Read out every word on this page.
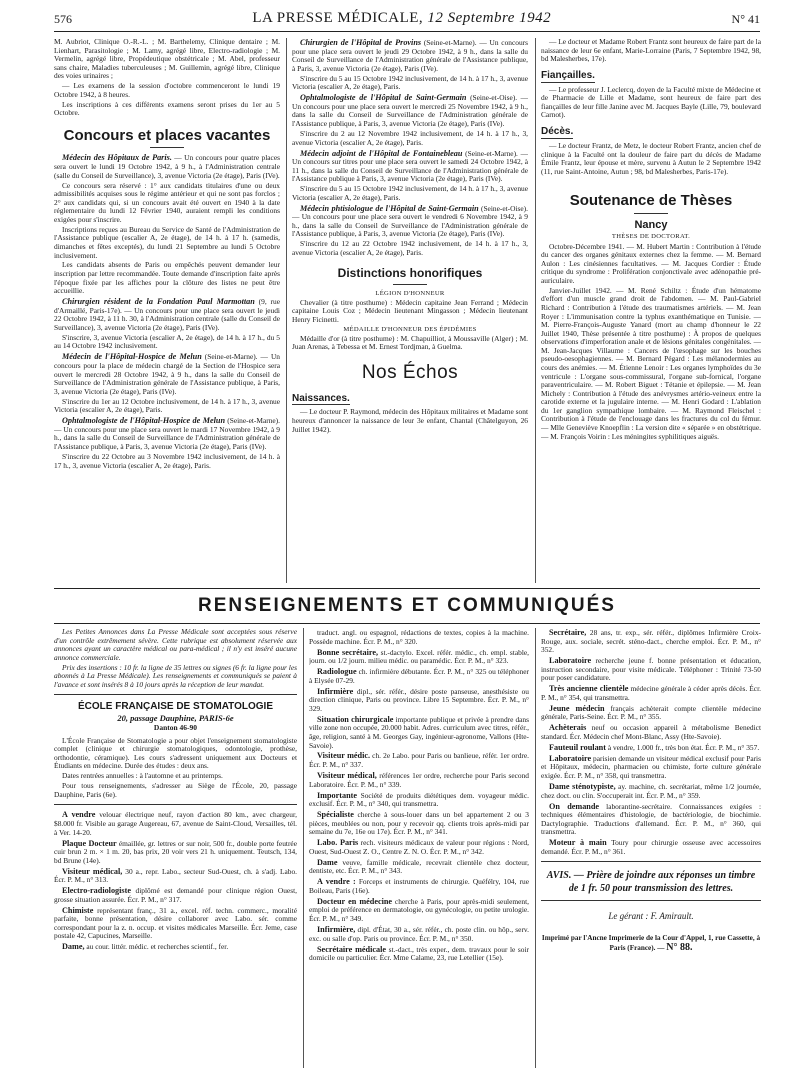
576	LA PRESSE MÉDICALE, 12 Septembre 1942	N° 41

M. Aubriot, Clinique O.-R.-L. ; M. Barthelemy, Clinique dentaire ; M. Lienhart, Parasitologie ; M. Lamy, agrégé libre, Electro-radiologie ; M. Vermelin, agrégé libre, Propédeutique obstétricale ; M. Abel, professeur sans chaire, Maladies tuberculeuses ; M. Guillemin, agrégé libre, Clinique des voies urinaires ;

— Les examens de la session d'octobre commenceront le lundi 19 Octobre 1942, à 8 heures.

Les inscriptions à ces différents examens seront prises du 1er au 5 Octobre.

Concours et places vacantes

Médecin des Hôpitaux de Paris. — Un concours pour quatre places sera ouvert le lundi 19 Octobre 1942, à 9 h., à l'Administration centrale (salle du Conseil de Surveillance), 3, avenue Victoria (2e étage), Paris (IVe).

Ce concours sera réservé : 1° aux candidats titulaires d'une ou deux admissibilités acquises sous le régime antérieur et qui ne sont pas forclos ; 2° aux candidats qui, si un concours avait été ouvert en 1940 à la date réglementaire du lundi 12 Février 1940, auraient rempli les conditions exigées pour s'inscrire.

Inscriptions reçues au Bureau du Service de Santé de l'Administration de l'Assistance publique (escalier A, 2e étage), de 14 h. à 17 h. (samedis, dimanches et fêtes exceptés), du lundi 21 Septembre au lundi 5 Octobre inclusivement.

Les candidats absents de Paris ou empêchés peuvent demander leur inscription par lettre recommandée. Toute demande d'inscription faite après l'époque fixée par les affiches pour la clôture des listes ne peut être accueillie.

Chirurgien résident de la Fondation Paul Marmottan (9, rue d'Armaillé, Paris-17e). — Un concours pour une place sera ouvert le jeudi 22 Octobre 1942, à 11 h. 30, à l'Administration centrale (salle du Conseil de Surveillance), 3, avenue Victoria (2e étage), Paris (IVe).

S'inscrire, 3, avenue Victoria (escalier A, 2e étage), de 14 h. à 17 h., du 5 au 14 Octobre 1942 inclusivement.

Médecin de l'Hôpital-Hospice de Melun (Seine-et-Marne). — Un concours pour la place de médecin chargé de la Section de l'Hospice sera ouvert le mercredi 28 Octobre 1942, à 9 h., dans la salle du Conseil de Surveillance de l'Administration générale de l'Assistance publique, à Paris, 3, avenue Victoria (2e étage), Paris (IVe).

S'inscrire du 1er au 12 Octobre inclusivement, de 14 h. à 17 h., 3, avenue Victoria (escalier A, 2e étage), Paris.

Ophtalmologiste de l'Hôpital-Hospice de Melun (Seine-et-Marne). — Un concours pour une place sera ouvert le mardi 17 Novembre 1942, à 9 h., dans la salle du Conseil de Surveillance de l'Administration générale de l'Assistance publique, à Paris, 3, avenue Victoria (2e étage), Paris (IVe).

S'inscrire du 22 Octobre au 3 Novembre 1942 inclusivement, de 14 h. à 17 h., 3, avenue Victoria (escalier A, 2e étage), Paris.

Chirurgien de l'Hôpital de Provins (Seine-et-Marne). — Un concours pour une place sera ouvert le jeudi 29 Octobre 1942, à 9 h., dans la salle du Conseil de Surveillance de l'Administration générale de l'Assistance publique, à Paris, 3, avenue Victoria (2e étage), Paris (IVe).

S'inscrire du 5 au 15 Octobre 1942 inclusivement, de 14 h. à 17 h., 3, avenue Victoria (escalier A, 2e étage), Paris.

Ophtalmologiste de l'Hôpital de Saint-Germain (Seine-et-Oise). — Un concours pour une place sera ouvert le mercredi 25 Novembre 1942, à 9 h., dans la salle du Conseil de Surveillance de l'Administration générale de l'Assistance publique, à Paris, 3, avenue Victoria (2e étage), Paris (IVe).

S'inscrire du 2 au 12 Novembre 1942 inclusivement, de 14 h. à 17 h., 3, avenue Victoria (escalier A, 2e étage), Paris.

Médecin adjoint de l'Hôpital de Fontainebleau (Seine-et-Marne). — Un concours sur titres pour une place sera ouvert le samedi 24 Octobre 1942, à 11 h., dans la salle du Conseil de Surveillance de l'Administration générale de l'Assistance publique à Paris, 3, avenue Victoria (2e étage), Paris (IVe).

S'inscrire du 5 au 15 Octobre 1942 inclusivement, de 14 h. à 17 h., 3, avenue Victoria (escalier A, 2e étage), Paris.

Médecin phtisiologue de l'Hôpital de Saint-Germain (Seine-et-Oise). — Un concours pour une place sera ouvert le vendredi 6 Novembre 1942, à 9 h., dans la salle du Conseil de Surveillance de l'Administration générale de l'Assistance publique, à Paris, 3, avenue Victoria (2e étage), Paris (IVe).

S'inscrire du 12 au 22 Octobre 1942 inclusivement, de 14 h. à 17 h., 3, avenue Victoria (escalier A, 2e étage), Paris.

Distinctions honorifiques

LÉGION D'HONNEUR

Chevalier (à titre posthume) : Médecin capitaine Jean Ferrand ; Médecin capitaine Louis Coz ; Médecin lieutenant Mingasson ; Médecin lieutenant Henry Ficinetti.

MÉDAILLE D'HONNEUR DES ÉPIDÉMIES

Médaille d'or (à titre posthume) : M. Chapuilliot, à Moussaville (Alger) ; M. Juan Arenas, à Tebessa et M. Ernest Tordjman, à Guelma.

Nos Échos
Naissances.

— Le docteur P. Raymond, médecin des Hôpitaux militaires et Madame sont heureux d'annoncer la naissance de leur 3e enfant, Chantal (Châtelguyon, 26 Juillet 1942).

— Le docteur et Madame Robert Frantz sont heureux de faire part de la naissance de leur 6e enfant, Marie-Lorraine (Paris, 7 Septembre 1942, 98, bd Malesherbes, 17e).

Fiançailles.

— Le professeur J. Leclercq, doyen de la Faculté mixte de Médecine et de Pharmacie de Lille et Madame, sont heureux de faire part des fiançailles de leur fille Janine avec M. Jacques Bayle (Lille, 79, boulevard Carnot).

Décès.

— Le docteur Frantz, de Metz, le docteur Robert Frantz, ancien chef de clinique à la Faculté ont la douleur de faire part du décès de Madame Émile Frantz, leur épouse et mère, survenu à Autun le 2 Septembre 1942 (11, rue Saint-Antoine, Autun ; 98, bd Malesherbes, Paris-17e).

Soutenance de Thèses
Nancy

THÈSES DE DOCTORAT.

Octobre-Décembre 1941. — M. Hubert Martin : Contribution à l'étude du cancer des organes génitaux externes chez la femme. — M. Bernard Aulon : Les cinésiennes facultatives. — M. Jacques Cordier : Étude critique du syndrome : Prolifération conjonctivale avec adénopathie pré-auriculaire.

Janvier-Juillet 1942. — M. René Schiltz : Étude d'un hématome d'effort d'un muscle grand droit de l'abdomen. — M. Paul-Gabriel Richard : Contribution à l'étude des traumatismes artériels. — M. Jean Royer : L'immunisation contre la typhus exanthématique en Tunisie. — M. Pierre-François-Auguste Yanard (mort au champ d'honneur le 22 Juillet 1940, Thèse présentée à titre posthume) : À propos de quelques observations d'imperforation anale et de lésions génitales congénitales. — M. Jean-Jacques Villaume : Cancers de l'œsophage sur les bouches pseudo-oesophagiennes. — M. Bernard Pégard : Les mélanodermies au cours des anémies. — M. Étienne Lenoir : Les organes lymphoïdes du 3e ventricule : L'organe sous-commissural, l'organe sub-fornical, l'organe paraventriculaire. — M. Robert Biguet : Tétanie et épilepsie. — M. Jean Michely : Contribution à l'étude des anévrysmes artério-veineux entre la carotide externe et la jugulaire interne. — M. Henri Godard : L'ablation du 1er ganglion sympathique lombaire. — M. Raymond Fleischel : Contribution à l'étude de l'enclouage dans les fractures du col du fémur. — Mlle Geneviève Knoepflin : La version dite « séparée » en obstétrique. — M. François Voirin : Les méningites syphilitiques aiguës.

RENSEIGNEMENTS ET COMMUNIQUÉS

Les Petites Annonces dans La Presse Médicale sont acceptées sous réserve d'un contrôle extrêmement sévère. Cette rubrique est absolument réservée aux annonces ayant un caractère médical ou para-médical ; il n'y est inséré aucune annonce commerciale.

Prix des insertions : 10 fr. la ligne de 35 lettres ou signes (6 fr. la ligne pour les abonnés à La Presse Médicale). Les renseignements et communiqués se paient à l'avance et sont insérés 8 à 10 jours après la réception de leur mandat.

ÉCOLE FRANÇAISE DE STOMATOLOGIE
20, passage Dauphine, PARIS-6e
Danton 46-90

L'École Française de Stomatologie a pour objet l'enseignement stomatologiste complet (clinique et chirurgie stomatologiques, odontologie, prothèse, orthodontie, céramique). Les cours s'adressent uniquement aux Docteurs et Étudiants en médecine. Durée des études : deux ans.

Dates rentrées annuelles : à l'automne et au printemps.

Pour tous renseignements, s'adresser au Siège de l'École, 20, passage Dauphine, Paris (6e).

A vendre velouar électrique neuf, rayon d'action 80 km., avec chargeur, $8.000 fr. Visible au garage Augereau, 67, avenue de Saint-Cloud, Versailles, tél. à Ver. 14-20.

Plaque Docteur émaillée, gr. lettres or sur noir, 500 fr., double porte feutrée cuir brun 2 m. × 1 m. 20, bas prix, 20 voir vers 21 h. uniquement. Teutsch, 134, bd Brune (14e).

Visiteur médical, 30 a., repr. Labo., secteur Sud-Ouest, ch. à s'adj. Labo. Écr. P. M., n° 313.

Electro-radiologiste diplômé est demandé pour clinique région Ouest, grosse situation assurée. Écr. P. M., n° 317.

Chimiste représentant franç., 31 a., excel. réf. techn. commerc., moralité parfaite, bonne présentation, désire collaborer avec Labo. sér. comme correspondant pour la z. n. occup. et visites médicales Marseille. Écr. Jeme, case postale 42, Capucines, Marseille.

Dame, au cour. littér. médic. et recherches scientif., fer.

traduct. angl. ou espagnol, rédactions de textes, copies à la machine. Possède machine. Écr. P. M., n° 320.

Bonne secrétaire, st.-dactylo. Excel. référ. médic., ch. empl. stable, journ. ou 1/2 journ. milieu médic. ou paramédic. Écr. P. M., n° 323.

Radiologue ch. infirmière débutante. Écr. P. M., n° 325 ou téléphoner à Elysée 07-29.

Infirmière dipl., sér. référ., désire poste panseuse, anesthésiste ou direction clinique, Paris ou province. Libre 15 Septembre. Écr. P. M., n° 329.

Situation chirurgicale importante publique et privée à prendre dans ville zone non occupée, 20.000 habit. Adres. curriculum avec titres, référ., âge, religion, santé à M. Georges Gay, ingénieur-agronome, Vallons (Hte-Savoie).

Visiteur médic. ch. 2e Labo. pour Paris ou banlieue, référ. 1er ordre. Écr. P. M., n° 337.

Visiteur médical, références 1er ordre, recherche pour Paris second Laboratoire. Écr. P. M., n° 339.

Importante Société de produits diététiques dem. voyageur médic. exclusif. Écr. P. M., n° 340, qui transmettra.

Spécialiste cherche à sous-louer dans un bel appartement 2 ou 3 pièces, meublées ou non, pour y recevoir qq. clients trois après-midi par semaine du 7e, 16e ou 17e). Écr. P. M., n° 341.

Labo. Paris rech. visiteurs médicaux de valeur pour régions : Nord, Ouest, Sud-Ouest Z. O., Centre Z. N. O. Écr. P. M., n° 342.

Dame veuve, famille médicale, recevrait clientèle chez docteur, dentiste, etc. Écr. P. M., n° 343.

A vendre : Forceps et instruments de chirurgie. Quéfélry, 104, rue Boileau, Paris (16e).

Docteur en médecine cherche à Paris, pour après-midi seulement, emploi de préférence en dermatologie, ou gynécologie, ou petite urologie. Écr. P. M., n° 349.

Infirmière, dipl. d'État, 30 a., sér. référ., ch. poste clin. ou hôp., serv. exc. ou salle d'op. Paris ou province. Écr. P. M., n° 350.

Secrétaire médicale st.-dact., très exper., dem. travaux pour le soir domicile ou particulier. Écr. Mme Calame, 23, rue Letellier (15e).

Secrétaire, 28 ans, tr. exp., sér. référ., diplômes Infirmière Croix-Rouge, aux. sociale, secrét. sténo-dact., cherche emploi. Écr. P. M., n° 352.

Laboratoire recherche jeune f. bonne présentation et éducation, instruction secondaire, pour visite médicale. Téléphoner : Trinité 73-50 pour poser candidature.

Très ancienne clientèle médecine générale à céder après décès. Écr. P. M., n° 354, qui transmettra.

Jeune médecin français achèterait compte clientèle médecine générale, Paris-Seine. Écr. P. M., n° 355.

Achèterais neuf ou occasion appareil à métabolisme Benedict standard. Écr. Médecin chef Mont-Blanc, Assy (Hte-Savoie).

Fauteuil roulant à vendre, 1.000 fr., très bon état. Écr. P. M., n° 357.

Laboratoire parisien demande un visiteur médical exclusif pour Paris et Hôpitaux, médecin, pharmacien ou chimiste, forte culture générale exigée. Écr. P. M., n° 358, qui transmettra.

Dame sténotypiste, ay. machine, ch. secrétariat, même 1/2 journée, chez doct. ou clin. S'occuperait int. Écr. P. M., n° 359.

On demande laborantine-secrétaire. Connaissances exigées : techniques élémentaires d'histologie, de bactériologie, de biochimie. Dactylographie. Traductions d'allemand. Écr. P. M., n° 360, qui transmettra.

Moteur à main Toury pour chirurgie osseuse avec accessoires demandé. Écr. P. M., n° 361.

AVIS. — Prière de joindre aux réponses un timbre de 1 fr. 50 pour transmission des lettres.
Le gérant : F. Amirault.
Imprimé par l'Ancne Imprimerie de la Cour d'Appel, 1, rue Cassette, à Paris (France). — N° 88.
